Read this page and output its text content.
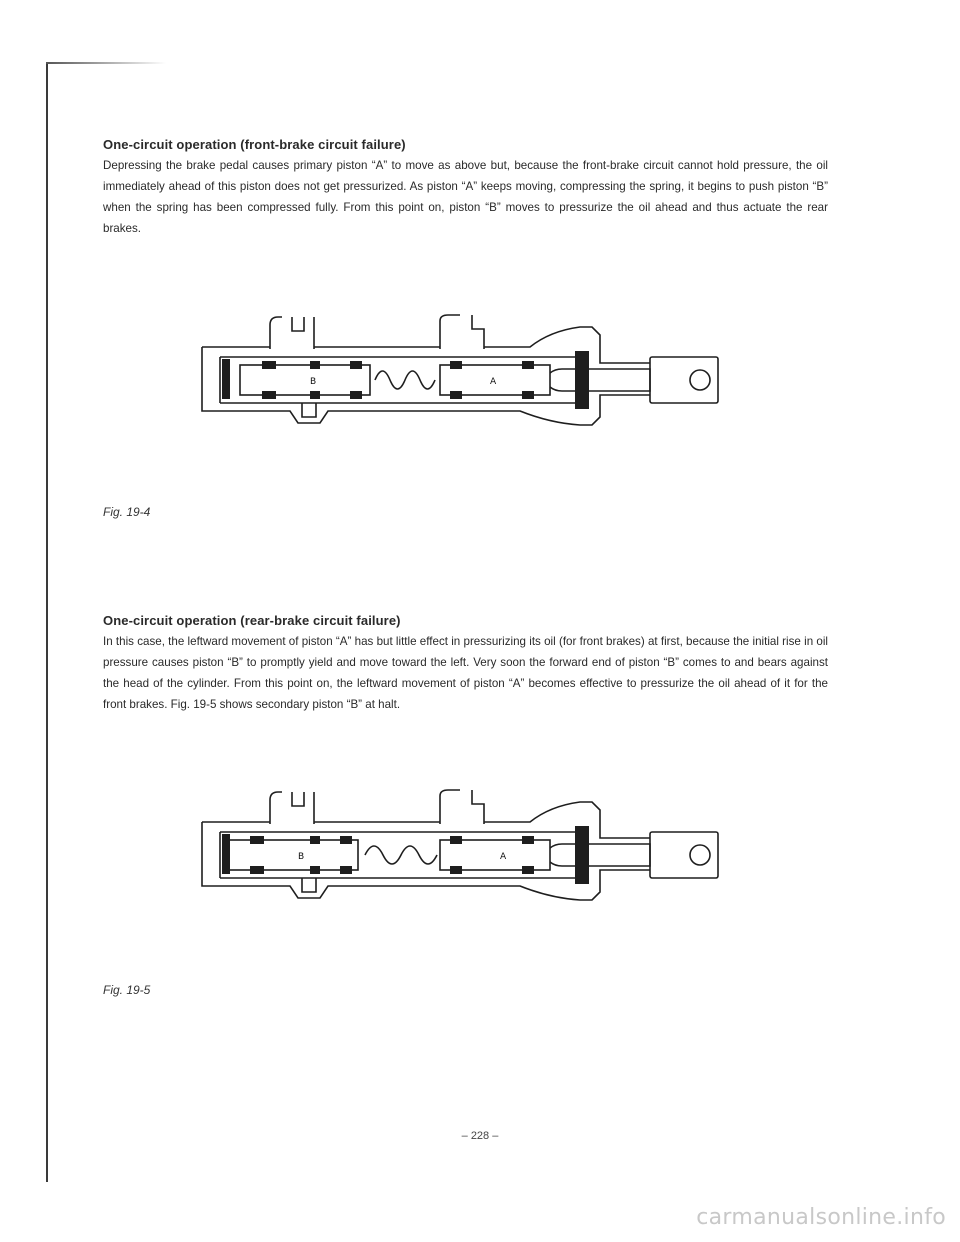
One-circuit operation (front-brake circuit failure)

Depressing the brake pedal causes primary piston “A” to move as above but, because the front-brake circuit cannot hold pressure, the oil immediately ahead of this piston does not get pressurized. As piston “A” keeps moving, compressing the spring, it begins to push piston “B” when the spring has been compressed fully. From this point on, piston “B” moves to pressurize the oil ahead and thus actuate the rear brakes.

B	A
Fig. 19-4
One-circuit operation (rear-brake circuit failure)

In this case, the leftward movement of piston “A” has but little effect in pressurizing its oil (for front brakes) at first, because the initial rise in oil pressure causes piston “B” to promptly yield and move toward the left. Very soon the forward end of piston “B” comes to and bears against the head of the cylinder. From this point on, the leftward movement of piston “A” becomes effective to pressurize the oil ahead of it for the front brakes. Fig. 19-5 shows secondary piston “B” at halt.

B	A
Fig. 19-5
– 228 –
carmanualsonline.info
